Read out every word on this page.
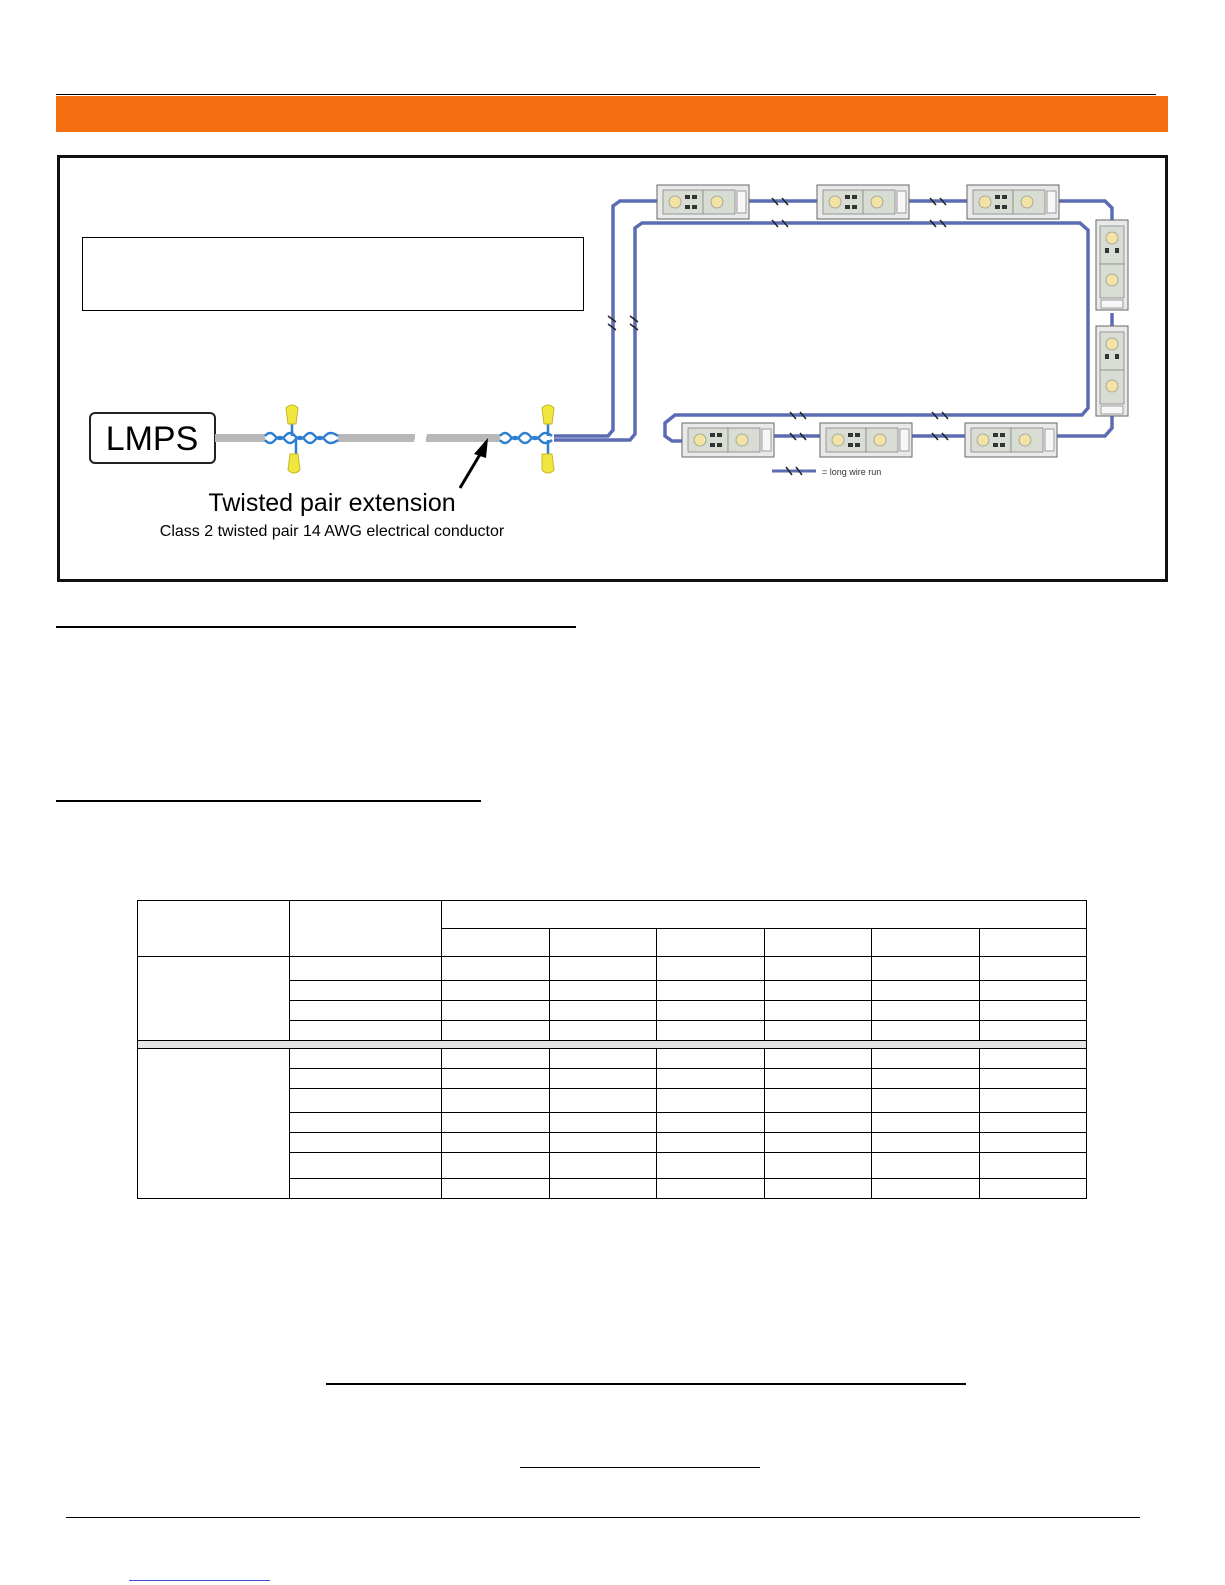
LMPS
Twisted pair extension
Class 2 twisted pair 14 AWG electrical conductor
= long wire run
